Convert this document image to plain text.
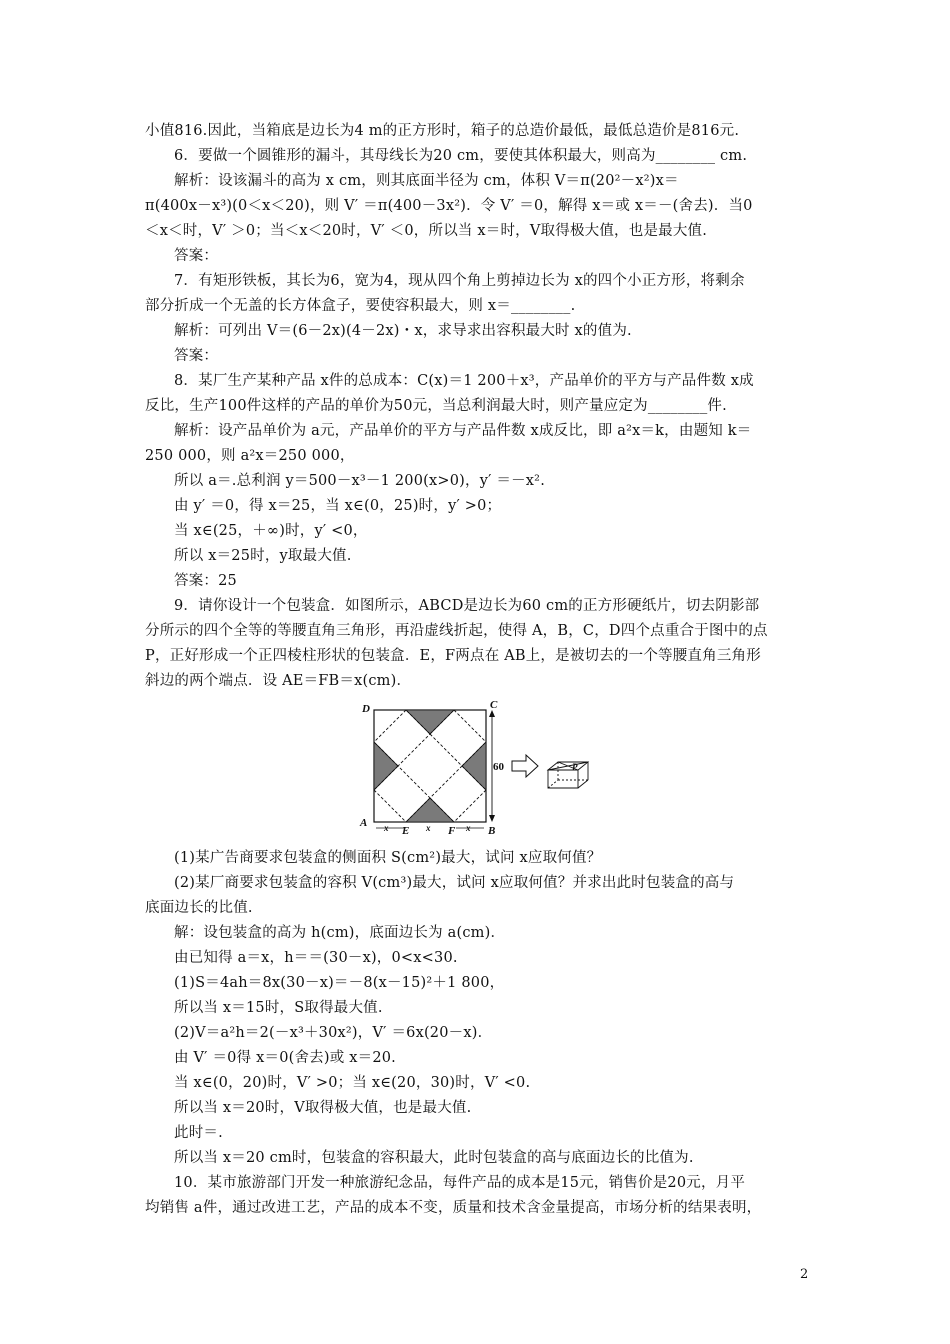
小值816.因此，当箱底是边长为4 m的正方形时，箱子的总造价最低，最低总造价是816元.
6．要做一个圆锥形的漏斗，其母线长为20 cm，要使其体积最大，则高为________ cm.
解析：设该漏斗的高为 x cm，则其底面半径为 cm，体积 V＝π(20²－x²)x＝
π(400x－x³)(0＜x＜20)，则 V′ ＝π(400－3x²)．令 V′ ＝0，解得 x＝或 x＝－(舍去)．当0
＜x＜时，V′ ＞0；当＜x＜20时，V′ ＜0，所以当 x＝时，V取得极大值，也是最大值.
答案：
7．有矩形铁板，其长为6，宽为4，现从四个角上剪掉边长为 x的四个小正方形，将剩余
部分折成一个无盖的长方体盒子，要使容积最大，则 x＝________.
解析：可列出 V＝(6－2x)(4－2x)・x，求导求出容积最大时 x的值为.
答案：
8．某厂生产某种产品 x件的总成本：C(x)＝1 200＋x³，产品单价的平方与产品件数 x成
反比，生产100件这样的产品的单价为50元，当总利润最大时，则产量应定为________件.
解析：设产品单价为 a元，产品单价的平方与产品件数 x成反比，即 a²x＝k，由题知 k＝
250 000，则 a²x＝250 000，
所以 a＝.总利润 y＝500－x³－1 200(x>0)，y′ ＝－x².
由 y′ ＝0，得 x＝25，当 x∈(0，25)时，y′ >0；
当 x∈(25，＋∞)时，y′ <0，
所以 x＝25时，y取最大值.
答案：25
9．请你设计一个包装盒．如图所示，ABCD是边长为60 cm的正方形硬纸片，切去阴影部
分所示的四个全等的等腰直角三角形，再沿虚线折起，使得 A，B，C，D四个点重合于图中的点
P，正好形成一个正四棱柱形状的包装盒．E，F两点在 AB上，是被切去的一个等腰直角三角形
斜边的两个端点．设 AE＝FB＝x(cm)．
D	C
A
B
E	F
x	x	x
60	P
(1)某广告商要求包装盒的侧面积 S(cm²)最大，试问 x应取何值？
(2)某厂商要求包装盒的容积 V(cm³)最大，试问 x应取何值？并求出此时包装盒的高与
底面边长的比值.
解：设包装盒的高为 h(cm)，底面边长为 a(cm)．
由已知得 a＝x，h＝＝(30－x)，0<x<30.
(1)S＝4ah＝8x(30－x)＝－8(x－15)²＋1 800，
所以当 x＝15时，S取得最大值.
(2)V＝a²h＝2(－x³＋30x²)，V′ ＝6x(20－x)．
由 V′ ＝0得 x＝0(舍去)或 x＝20.
当 x∈(0，20)时，V′ >0；当 x∈(20，30)时，V′ <0.
所以当 x＝20时，V取得极大值，也是最大值.
此时＝.
所以当 x＝20 cm时，包装盒的容积最大，此时包装盒的高与底面边长的比值为.
10．某市旅游部门开发一种旅游纪念品，每件产品的成本是15元，销售价是20元，月平
均销售 a件，通过改进工艺，产品的成本不变，质量和技术含金量提高，市场分析的结果表明，
2
